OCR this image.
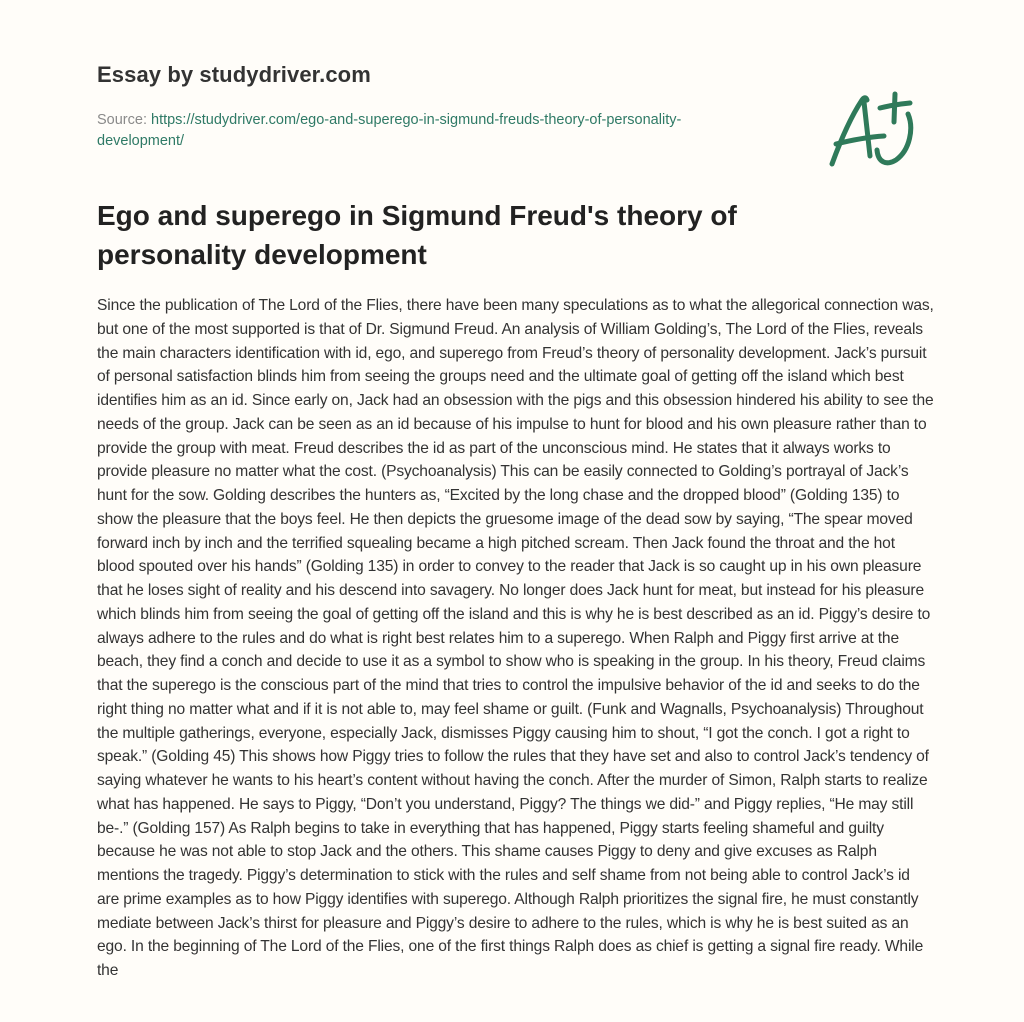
Essay by studydriver.com

Source: https://studydriver.com/ego-and-superego-in-sigmund-freuds-theory-of-personality-development/

Ego and superego in Sigmund Freud's theory of personality development

Since the publication of The Lord of the Flies, there have been many speculations as to what the allegorical connection was, but one of the most supported is that of Dr. Sigmund Freud. An analysis of William Golding’s, The Lord of the Flies, reveals the main characters identification with id, ego, and superego from Freud’s theory of personality development. Jack’s pursuit of personal satisfaction blinds him from seeing the groups need and the ultimate goal of getting off the island which best identifies him as an id. Since early on, Jack had an obsession with the pigs and this obsession hindered his ability to see the needs of the group. Jack can be seen as an id because of his impulse to hunt for blood and his own pleasure rather than to provide the group with meat. Freud describes the id as part of the unconscious mind. He states that it always works to provide pleasure no matter what the cost. (Psychoanalysis) This can be easily connected to Golding’s portrayal of Jack’s hunt for the sow. Golding describes the hunters as, “Excited by the long chase and the dropped blood” (Golding 135) to show the pleasure that the boys feel. He then depicts the gruesome image of the dead sow by saying, “The spear moved forward inch by inch and the terrified squealing became a high pitched scream. Then Jack found the throat and the hot blood spouted over his hands” (Golding 135) in order to convey to the reader that Jack is so caught up in his own pleasure that he loses sight of reality and his descend into savagery. No longer does Jack hunt for meat, but instead for his pleasure which blinds him from seeing the goal of getting off the island and this is why he is best described as an id. Piggy’s desire to always adhere to the rules and do what is right best relates him to a superego. When Ralph and Piggy first arrive at the beach, they find a conch and decide to use it as a symbol to show who is speaking in the group. In his theory, Freud claims that the superego is the conscious part of the mind that tries to control the impulsive behavior of the id and seeks to do the right thing no matter what and if it is not able to, may feel shame or guilt. (Funk and Wagnalls, Psychoanalysis) Throughout the multiple gatherings, everyone, especially Jack, dismisses Piggy causing him to shout, “I got the conch. I got a right to speak.” (Golding 45) This shows how Piggy tries to follow the rules that they have set and also to control Jack’s tendency of saying whatever he wants to his heart’s content without having the conch. After the murder of Simon, Ralph starts to realize what has happened. He says to Piggy, “Don’t you understand, Piggy? The things we did-” and Piggy replies, “He may still be-.” (Golding 157) As Ralph begins to take in everything that has happened, Piggy starts feeling shameful and guilty because he was not able to stop Jack and the others. This shame causes Piggy to deny and give excuses as Ralph mentions the tragedy. Piggy’s determination to stick with the rules and self shame from not being able to control Jack’s id are prime examples as to how Piggy identifies with superego. Although Ralph prioritizes the signal fire, he must constantly mediate between Jack’s thirst for pleasure and Piggy’s desire to adhere to the rules, which is why he is best suited as an ego. In the beginning of The Lord of the Flies, one of the first things Ralph does as chief is getting a signal fire ready. While the
